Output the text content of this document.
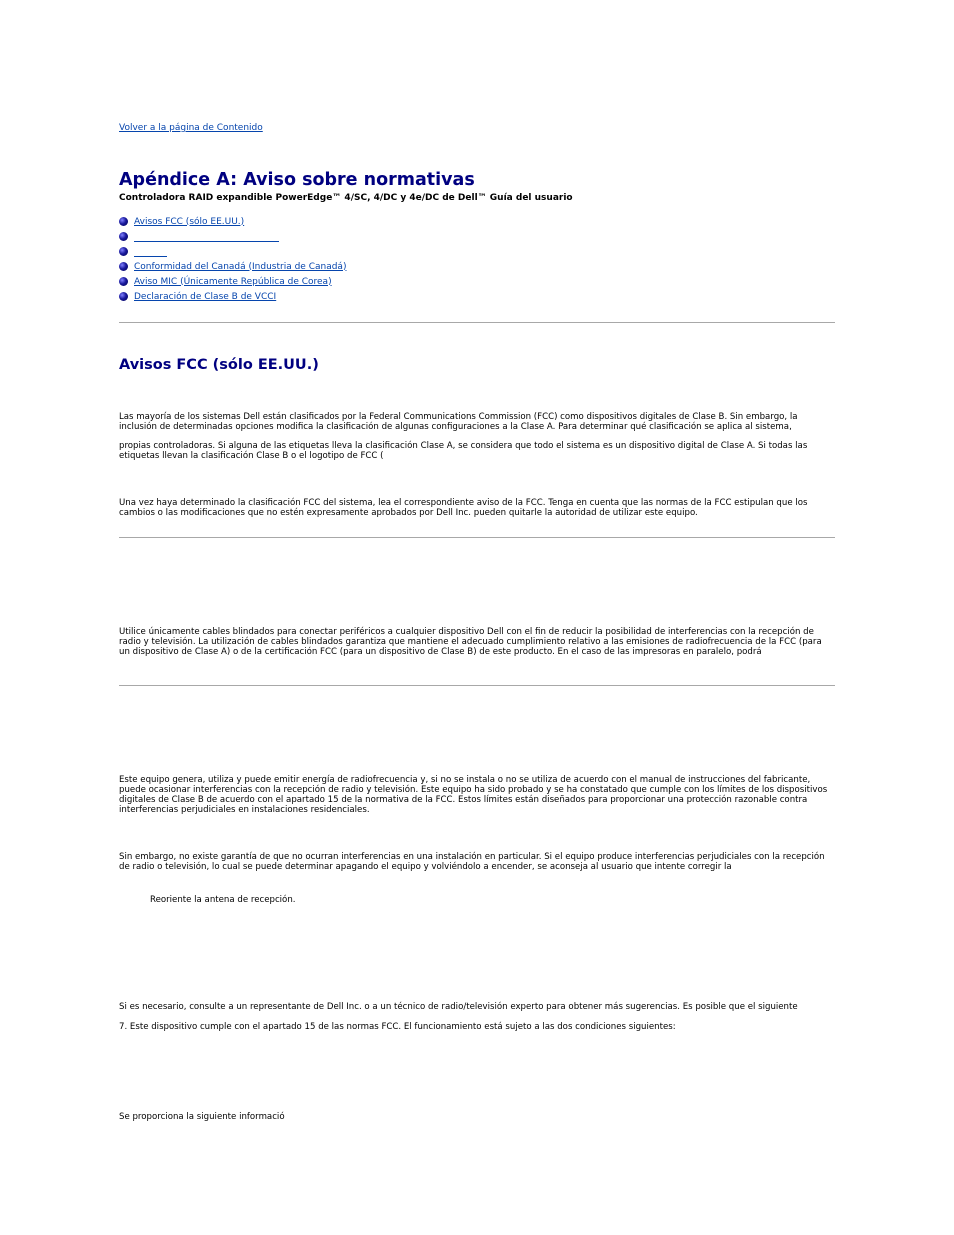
Volver a la página de Contenido
Apéndice A: Aviso sobre normativas
Controladora RAID expandible PowerEdge™ 4/SC, 4/DC y 4e/DC de Dell™ Guía del usuario
Avisos FCC (sólo EE.UU.)
Conformidad del Canadá (Industria de Canadá)
Aviso MIC (Únicamente República de Corea)
Declaración de Clase B de VCCI
Avisos FCC (sólo EE.UU.)

Las mayoría de los sistemas Dell están clasificados por la Federal Communications Commission (FCC) como dispositivos digitales de Clase B. Sin embargo, la inclusión de determinadas opciones modifica la clasificación de algunas configuraciones a la Clase A. Para determinar qué clasificación se aplica al sistema,

propias controladoras. Si alguna de las etiquetas lleva la clasificación Clase A, se considera que todo el sistema es un dispositivo digital de Clase A. Si todas las etiquetas llevan la clasificación Clase B o el logotipo de FCC (

Una vez haya determinado la clasificación FCC del sistema, lea el correspondiente aviso de la FCC. Tenga en cuenta que las normas de la FCC estipulan que los cambios o las modificaciones que no estén expresamente aprobados por Dell Inc. pueden quitarle la autoridad de utilizar este equipo.

Utilice únicamente cables blindados para conectar periféricos a cualquier dispositivo Dell con el fin de reducir la posibilidad de interferencias con la recepción de radio y televisión. La utilización de cables blindados garantiza que mantiene el adecuado cumplimiento relativo a las emisiones de radiofrecuencia de la FCC (para un dispositivo de Clase A) o de la certificación FCC (para un dispositivo de Clase B) de este producto. En el caso de las impresoras en paralelo, podrá

Este equipo genera, utiliza y puede emitir energía de radiofrecuencia y, si no se instala o no se utiliza de acuerdo con el manual de instrucciones del fabricante, puede ocasionar interferencias con la recepción de radio y televisión. Este equipo ha sido probado y se ha constatado que cumple con los límites de los dispositivos digitales de Clase B de acuerdo con el apartado 15 de la normativa de la FCC. Estos límites están diseñados para proporcionar una protección razonable contra interferencias perjudiciales en instalaciones residenciales.

Sin embargo, no existe garantía de que no ocurran interferencias en una instalación en particular. Si el equipo produce interferencias perjudiciales con la recepción de radio o televisión, lo cual se puede determinar apagando el equipo y volviéndolo a encender, se aconseja al usuario que intente corregir la

Reoriente la antena de recepción.

Si es necesario, consulte a un representante de Dell Inc. o a un técnico de radio/televisión experto para obtener más sugerencias. Es posible que el siguiente

7. Este dispositivo cumple con el apartado 15 de las normas FCC. El funcionamiento está sujeto a las dos condiciones siguientes:

Se proporciona la siguiente informació
